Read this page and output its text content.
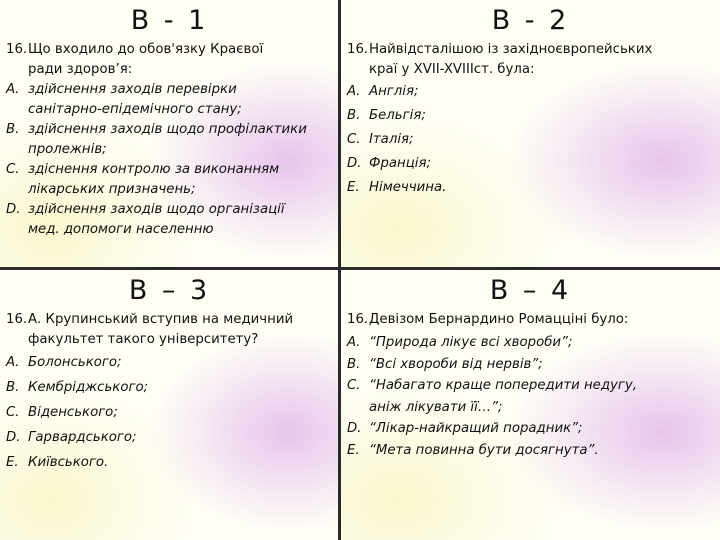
В - 1
16.Що входило до обов'язку Краєвої
ради здоров’я:
А. здійснення заходів перевірки
санітарно-епідемічного стану;
В. здійснення заходів щодо профілактики
пролежнів;
С. здіснення контролю за виконанням
лікарських призначень;
D. здійснення заходів щодо організації
мед. допомоги населенню
В - 2
16.Найвідсталішою із західноєвропейських
краї у XVII-XVIIIст. була:
А. Англія;
В. Бельгія;
С. Італія;
D. Франція;
E. Німеччина.
В – 3
16.А. Крупинський вступив на медичний
факультет такого університету?
А. Болонського;
В. Кембріджського;
С. Віденського;
D. Гарвардського;
E. Київського.
В – 4
16.Девізом Бернардино Ромаццінi було:
А. “Природа лікує всі хвороби”;
В. “Всі хвороби від нервів”;
С. “Набагато краще попередити недугу,
аніж лікувати її…”;
D. “Лікар-найкращий порадник”;
E. “Мета повинна бути досягнута”.
